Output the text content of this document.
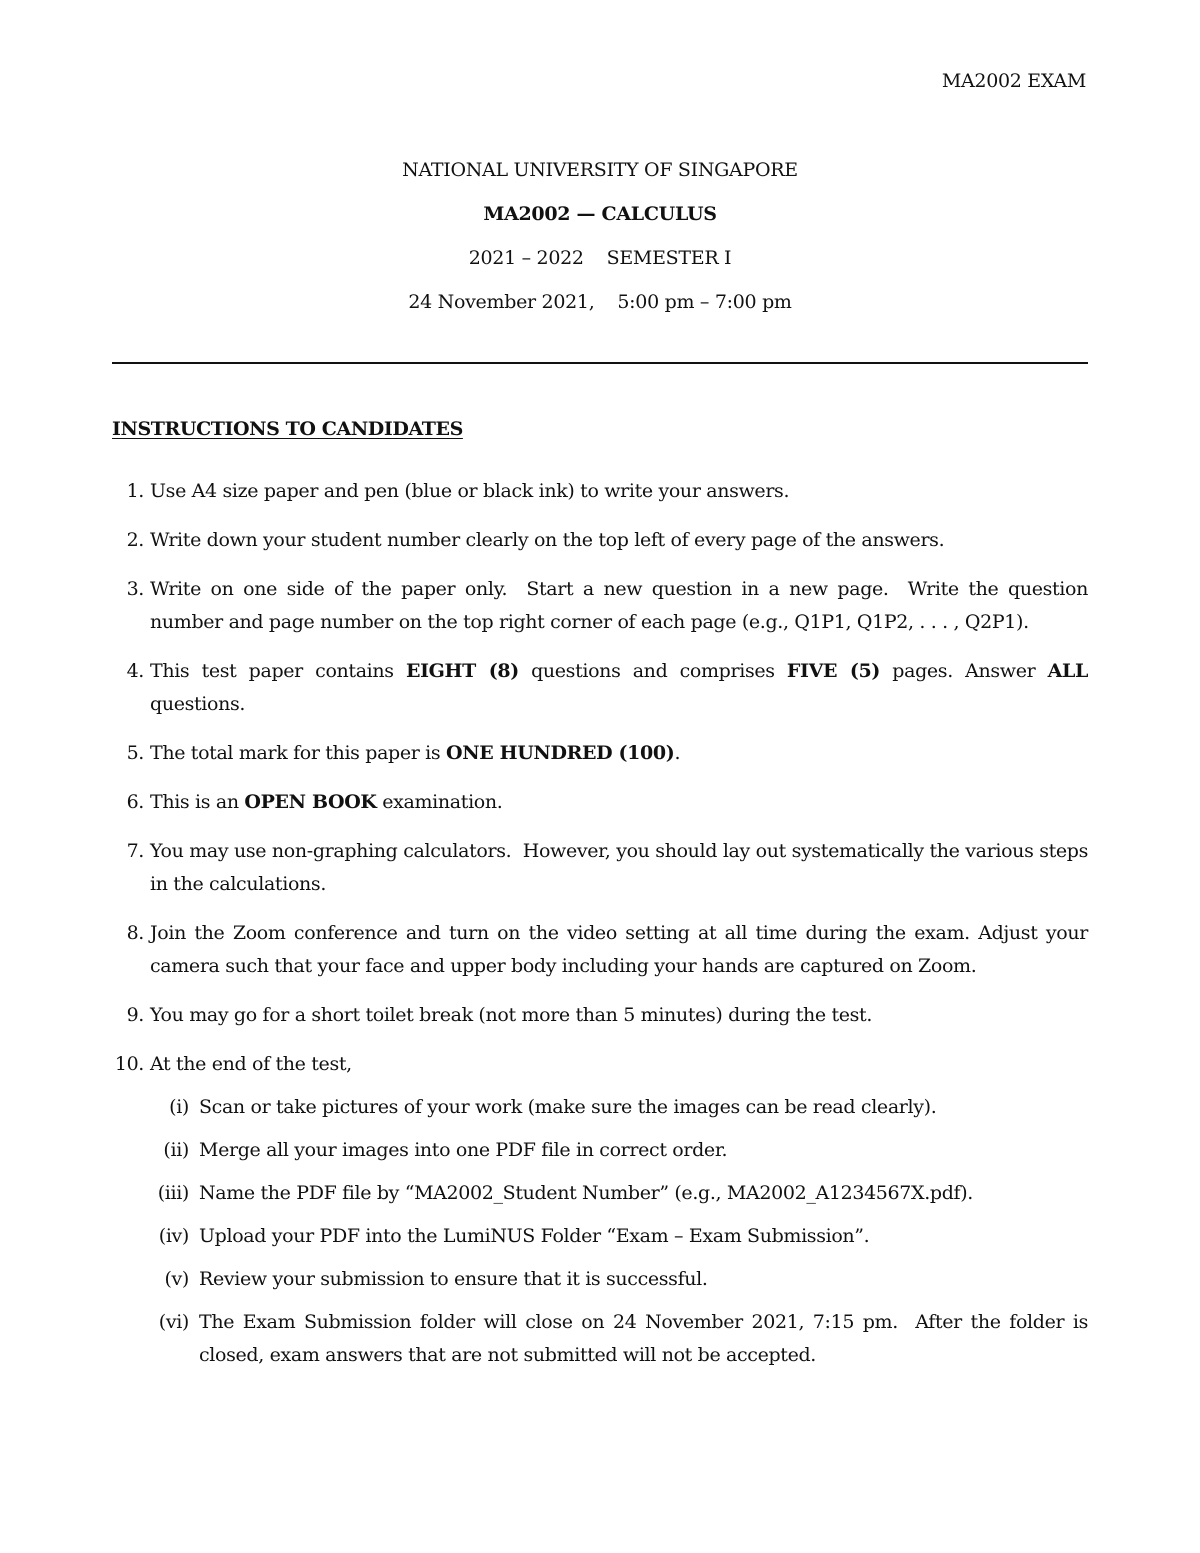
MA2002 EXAM
NATIONAL UNIVERSITY OF SINGAPORE
MA2002 — CALCULUS
2021 – 2022    SEMESTER I
24 November 2021,    5:00 pm – 7:00 pm
INSTRUCTIONS TO CANDIDATES
1. Use A4 size paper and pen (blue or black ink) to write your answers.
2. Write down your student number clearly on the top left of every page of the answers.
3. Write on one side of the paper only.  Start a new question in a new page.  Write the question number and page number on the top right corner of each page (e.g., Q1P1, Q1P2, . . . , Q2P1).
4. This test paper contains EIGHT (8) questions and comprises FIVE (5) pages. Answer ALL questions.
5. The total mark for this paper is ONE HUNDRED (100).
6. This is an OPEN BOOK examination.
7. You may use non-graphing calculators.  However, you should lay out systematically the various steps in the calculations.
8. Join the Zoom conference and turn on the video setting at all time during the exam. Adjust your camera such that your face and upper body including your hands are captured on Zoom.
9. You may go for a short toilet break (not more than 5 minutes) during the test.
10. At the end of the test,
(i) Scan or take pictures of your work (make sure the images can be read clearly).
(ii) Merge all your images into one PDF file in correct order.
(iii) Name the PDF file by “MA2002_Student Number” (e.g., MA2002_A1234567X.pdf).
(iv) Upload your PDF into the LumiNUS Folder “Exam – Exam Submission”.
(v) Review your submission to ensure that it is successful.
(vi) The Exam Submission folder will close on 24 November 2021, 7:15 pm.  After the folder is closed, exam answers that are not submitted will not be accepted.
